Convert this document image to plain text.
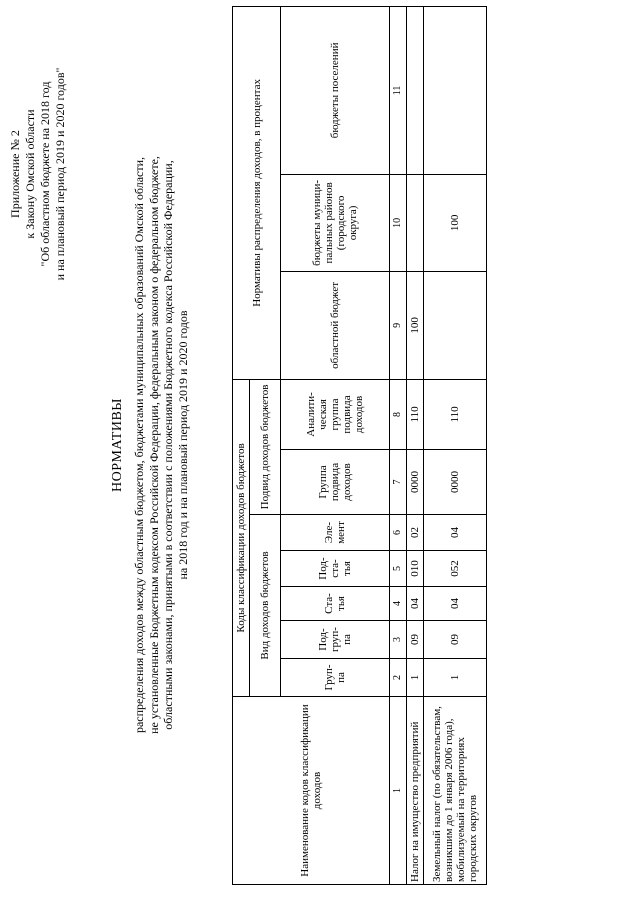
Приложение № 2 к Закону Омской области "Об областном бюджете на 2018 год и на плановый период 2019 и 2020 годов"
НОРМАТИВЫ распределения доходов между областным бюджетом, бюджетами муниципальных образований Омской области,
не установленные Бюджетным кодексом Российской Федерации, федеральным законом о федеральном бюджете,
областными законами, принятыми в соответствии с положениями Бюджетного кодекса Российской Федерации,
на 2018 год и на плановый период 2019 и 2020 годов

Наименование кодов классификации доходов	Коды классификации доходов бюджетов							Нормативы распределения доходов, в процентах		
	Вид доходов бюджетов					Подвид доходов бюджетов				
	Груп-па	Под-груп-па	Ста-тья	Под-ста-тья	Эле-мент	Группа подвида доходов	Аналити-ческая группа подвида доходов	областной бюджет	бюджеты муници-пальных районов (городского округа)	бюджеты поселений

1	2	3	4	5	6	7	8	9	10	11
Налог на имущество предприятий	1	09	04	010	02	0000	110	100		
Земельный налог (по обязательствам, возникшим до 1 января 2006 года), мобилизуемый на территориях городских округов	1	09	04	052	04	0000	110		100	
